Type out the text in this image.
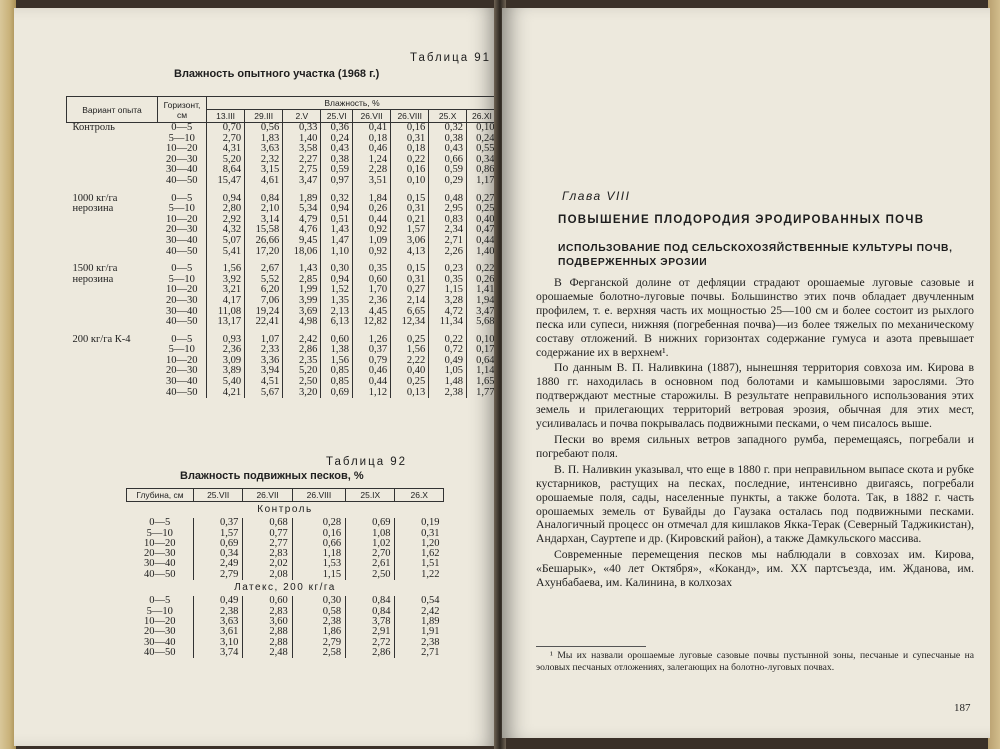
Таблица 91
Влажность опытного участка (1968 г.)
Вариант опыта	Горизонт, см	Влажность, %							
		13.III	29.III	2.V	25.VI	26.VII	26.VIII	25.X	26.XI
Контроль	0—5	0,70	0,56	0,33	0,36	0,41	0,16	0,32	0,10
	5—10	2,70	1,83	1,40	0,24	0,18	0,31	0,38	0,24
	10—20	4,31	3,63	3,58	0,43	0,46	0,18	0,43	0,55
	20—30	5,20	2,32	2,27	0,38	1,24	0,22	0,66	0,34
	30—40	8,64	3,15	2,75	0,59	2,28	0,16	0,59	0,86
	40—50	15,47	4,61	3,47	0,97	3,51	0,10	0,29	1,17

1000 кг/га нерозина	0—5	0,94	0,84	1,89	0,32	1,84	0,15	0,48	0,27
	5—10	2,80	2,10	5,34	0,94	0,26	0,31	2,95	0,25
	10—20	2,92	3,14	4,79	0,51	0,44	0,21	0,83	0,40
	20—30	4,32	15,58	4,76	1,43	0,92	1,57	2,34	0,47
	30—40	5,07	26,66	9,45	1,47	1,09	3,06	2,71	0,44
	40—50	5,41	17,20	18,06	1,10	0,92	4,13	2,26	1,40

1500 кг/га нерозина	0—5	1,56	2,67	1,43	0,30	0,35	0,15	0,23	0,22
	5—10	3,92	5,52	2,85	0,94	0,60	0,31	0,35	0,26
	10—20	3,21	6,20	1,99	1,52	1,70	0,27	1,15	1,41
	20—30	4,17	7,06	3,99	1,35	2,36	2,14	3,28	1,94
	30—40	11,08	19,24	3,69	2,13	4,45	6,65	4,72	3,47
	40—50	13,17	22,41	4,98	6,13	12,82	12,34	11,34	5,68

200 кг/га К-4	0—5	0,93	1,07	2,42	0,60	1,26	0,25	0,22	0,10
	5—10	2,36	2,33	2,86	1,38	0,37	1,56	0,72	0,17
	10—20	3,09	3,36	2,35	1,56	0,79	2,22	0,49	0,64
	20—30	3,89	3,94	5,20	0,85	0,46	0,40	1,05	1,14
	30—40	5,40	4,51	2,50	0,85	0,44	0,25	1,48	1,65
	40—50	4,21	5,67	3,20	0,69	1,12	0,13	2,38	1,77
Таблица 92
Влажность подвижных песков, %
Глубина, см	25.VII	26.VII	26.VIII	25.IX	26.X
Контроль					
0—5	0,37	0,68	0,28	0,69	0,19
5—10	1,57	0,77	0,16	1,08	0,31
10—20	0,69	2,77	0,66	1,02	1,20
20—30	0,34	2,83	1,18	2,70	1,62
30—40	2,49	2,02	1,53	2,61	1,51
40—50	2,79	2,08	1,15	2,50	1,22
Латекс, 200 кг/га					
0—5	0,49	0,60	0,30	0,84	0,54
5—10	2,38	2,83	0,58	0,84	2,42
10—20	3,63	3,60	2,38	3,78	1,89
20—30	3,61	2,88	1,86	2,91	1,91
30—40	3,10	2,88	2,79	2,72	2,38
40—50	3,74	2,48	2,58	2,86	2,71
Глава VIII
ПОВЫШЕНИЕ ПЛОДОРОДИЯ ЭРОДИРОВАННЫХ ПОЧВ
ИСПОЛЬЗОВАНИЕ ПОД СЕЛЬСКОХОЗЯЙСТВЕННЫЕ КУЛЬТУРЫ ПОЧВ, ПОДВЕРЖЕННЫХ ЭРОЗИИ

В Ферганской долине от дефляции страдают орошаемые луговые сазовые и орошаемые болотно-луговые почвы. Большинство этих почв обладает двучленным профилем, т. е. верхняя часть их мощностью 25—100 см и более состоит из рыхлого песка или супеси, нижняя (погребенная почва)—из более тяжелых по механическому составу отложений. В нижних горизонтах содержание гумуса и азота превышает содержание их в верхнем¹.

По данным В. П. Наливкина (1887), нынешняя территория совхоза им. Кирова в 1880 гг. находилась в основном под болотами и камышовыми зарослями. Это подтверждают местные старожилы. В результате неправильного использования этих земель и прилегающих территорий ветровая эрозия, обычная для этих мест, усиливалась и почва покрывалась подвижными песками, о чем писалось выше.

Пески во время сильных ветров западного румба, перемещаясь, погребали и погребают поля.

В. П. Наливкин указывал, что еще в 1880 г. при неправильном выпасе скота и рубке кустарников, растущих на песках, последние, интенсивно двигаясь, погребали орошаемые поля, сады, населенные пункты, а также болота. Так, в 1882 г. часть орошаемых земель от Бувайды до Гаузака осталась под подвижными песками. Аналогичный процесс он отмечал для кишлаков Якка-Терак (Северный Таджикистан), Андархан, Сауртепе и др. (Кировский район), а также Дамкульского массива.

Современные перемещения песков мы наблюдали в совхозах им. Кирова, «Бешарык», «40 лет Октября», «Коканд», им. XX партсъезда, им. Жданова, им. Ахунбабаева, им. Калинина, в колхозах

¹ Мы их назвали орошаемые луговые сазовые почвы пустынной зоны, песчаные и супесчаные на эоловых песчаных отложениях, залегающих на болотно-луговых почвах.
187
